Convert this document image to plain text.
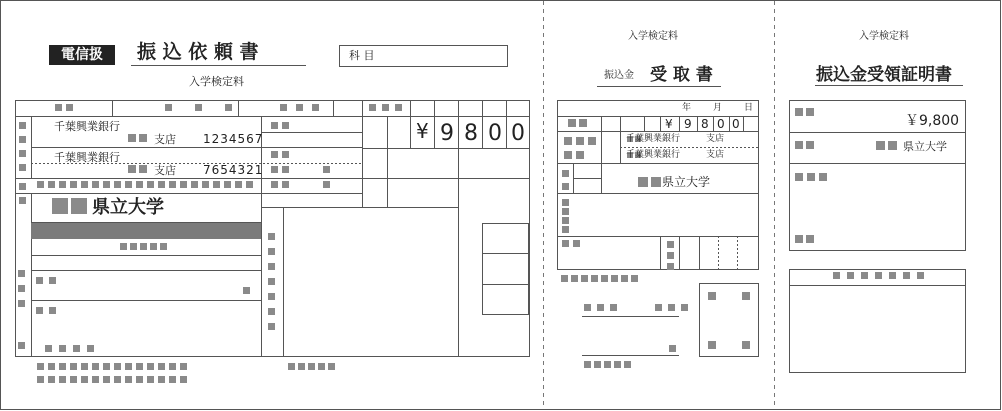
電信扱	振 込 依 頼 書	科 目
入学検定料
千葉興業銀行
支店 1234567
千葉興業銀行
支店 7654321
県立大学
¥ 9 8 0 0
入学検定料
振込金 受 取 書
年 月 日
¥ 9 8 0 0
千葉興業銀行	支店
千葉興業銀行	支店
県立大学
入学検定料
振込金受領証明書
￥9,800
県立大学
